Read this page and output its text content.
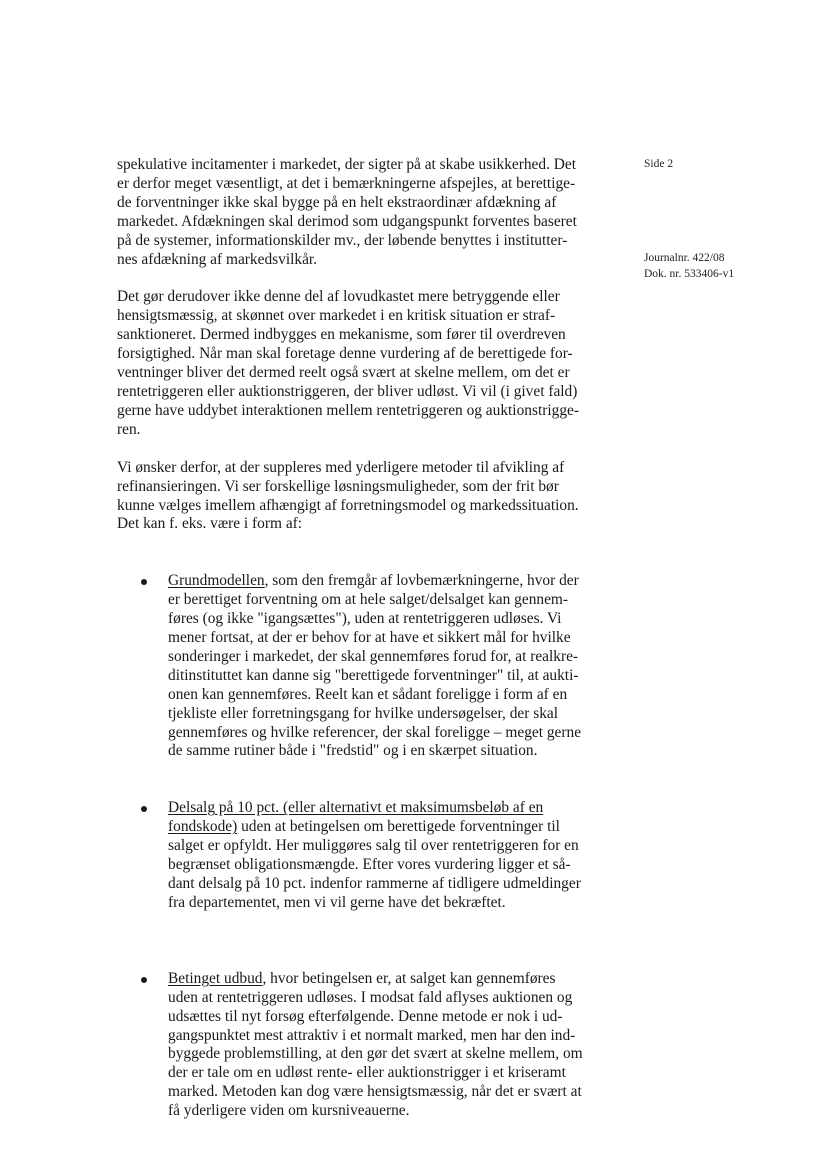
Side 2
Journalnr. 422/08
Dok. nr. 533406-v1

spekulative incitamenter i markedet, der sigter på at skabe usikkerhed. Det
er derfor meget væsentligt, at det i bemærkningerne afspejles, at berettige-
de forventninger ikke skal bygge på en helt ekstraordinær afdækning af
markedet. Afdækningen skal derimod som udgangspunkt forventes baseret
på de systemer, informationskilder mv., der løbende benyttes i institutter-
nes afdækning af markedsvilkår.

Det gør derudover ikke denne del af lovudkastet mere betryggende eller
hensigtsmæssig, at skønnet over markedet i en kritisk situation er straf-
sanktioneret. Dermed indbygges en mekanisme, som fører til overdreven
forsigtighed. Når man skal foretage denne vurdering af de berettigede for-
ventninger bliver det dermed reelt også svært at skelne mellem, om det er
rentetriggeren eller auktionstriggeren, der bliver udløst. Vi vil (i givet fald)
gerne have uddybet interaktionen mellem rentetriggeren og auktionstrigge-
ren.

Vi ønsker derfor, at der suppleres med yderligere metoder til afvikling af
refinansieringen. Vi ser forskellige løsningsmuligheder, som der frit bør
kunne vælges imellem afhængigt af forretningsmodel og markedssituation.
Det kan f. eks. være i form af:

Grundmodellen, som den fremgår af lovbemærkningerne, hvor der
er berettiget forventning om at hele salget/delsalget kan gennem-
føres (og ikke "igangsættes"), uden at rentetriggeren udløses. Vi
mener fortsat, at der er behov for at have et sikkert mål for hvilke
sonderinger i markedet, der skal gennemføres forud for, at realkre-
ditinstituttet kan danne sig "berettigede forventninger" til, at aukti-
onen kan gennemføres. Reelt kan et sådant foreligge i form af en
tjekliste eller forretningsgang for hvilke undersøgelser, der skal
gennemføres og hvilke referencer, der skal foreligge – meget gerne
de samme rutiner både i "fredstid" og i en skærpet situation.
Delsalg på 10 pct. (eller alternativt et maksimumsbeløb af en
fondskode) uden at betingelsen om berettigede forventninger til
salget er opfyldt. Her muliggøres salg til over rentetriggeren for en
begrænset obligationsmængde. Efter vores vurdering ligger et så-
dant delsalg på 10 pct. indenfor rammerne af tidligere udmeldinger
fra departementet, men vi vil gerne have det bekræftet.
Betinget udbud, hvor betingelsen er, at salget kan gennemføres
uden at rentetriggeren udløses. I modsat fald aflyses auktionen og
udsættes til nyt forsøg efterfølgende. Denne metode er nok i ud-
gangspunktet mest attraktiv i et normalt marked, men har den ind-
byggede problemstilling, at den gør det svært at skelne mellem, om
der er tale om en udløst rente- eller auktionstrigger i et kriseramt
marked. Metoden kan dog være hensigtsmæssig, når det er svært at
få yderligere viden om kursniveauerne.
